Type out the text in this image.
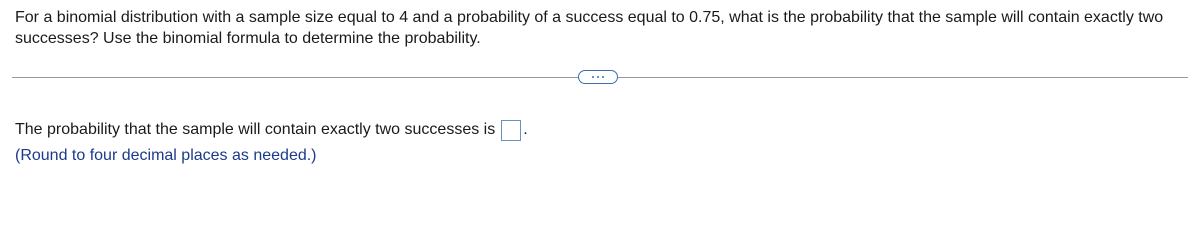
For a binomial distribution with a sample size equal to 4 and a probability of a success equal to 0.75, what is the probability that the sample will contain exactly two successes? Use the binomial formula to determine the probability.
The probability that the sample will contain exactly two successes is .
(Round to four decimal places as needed.)
